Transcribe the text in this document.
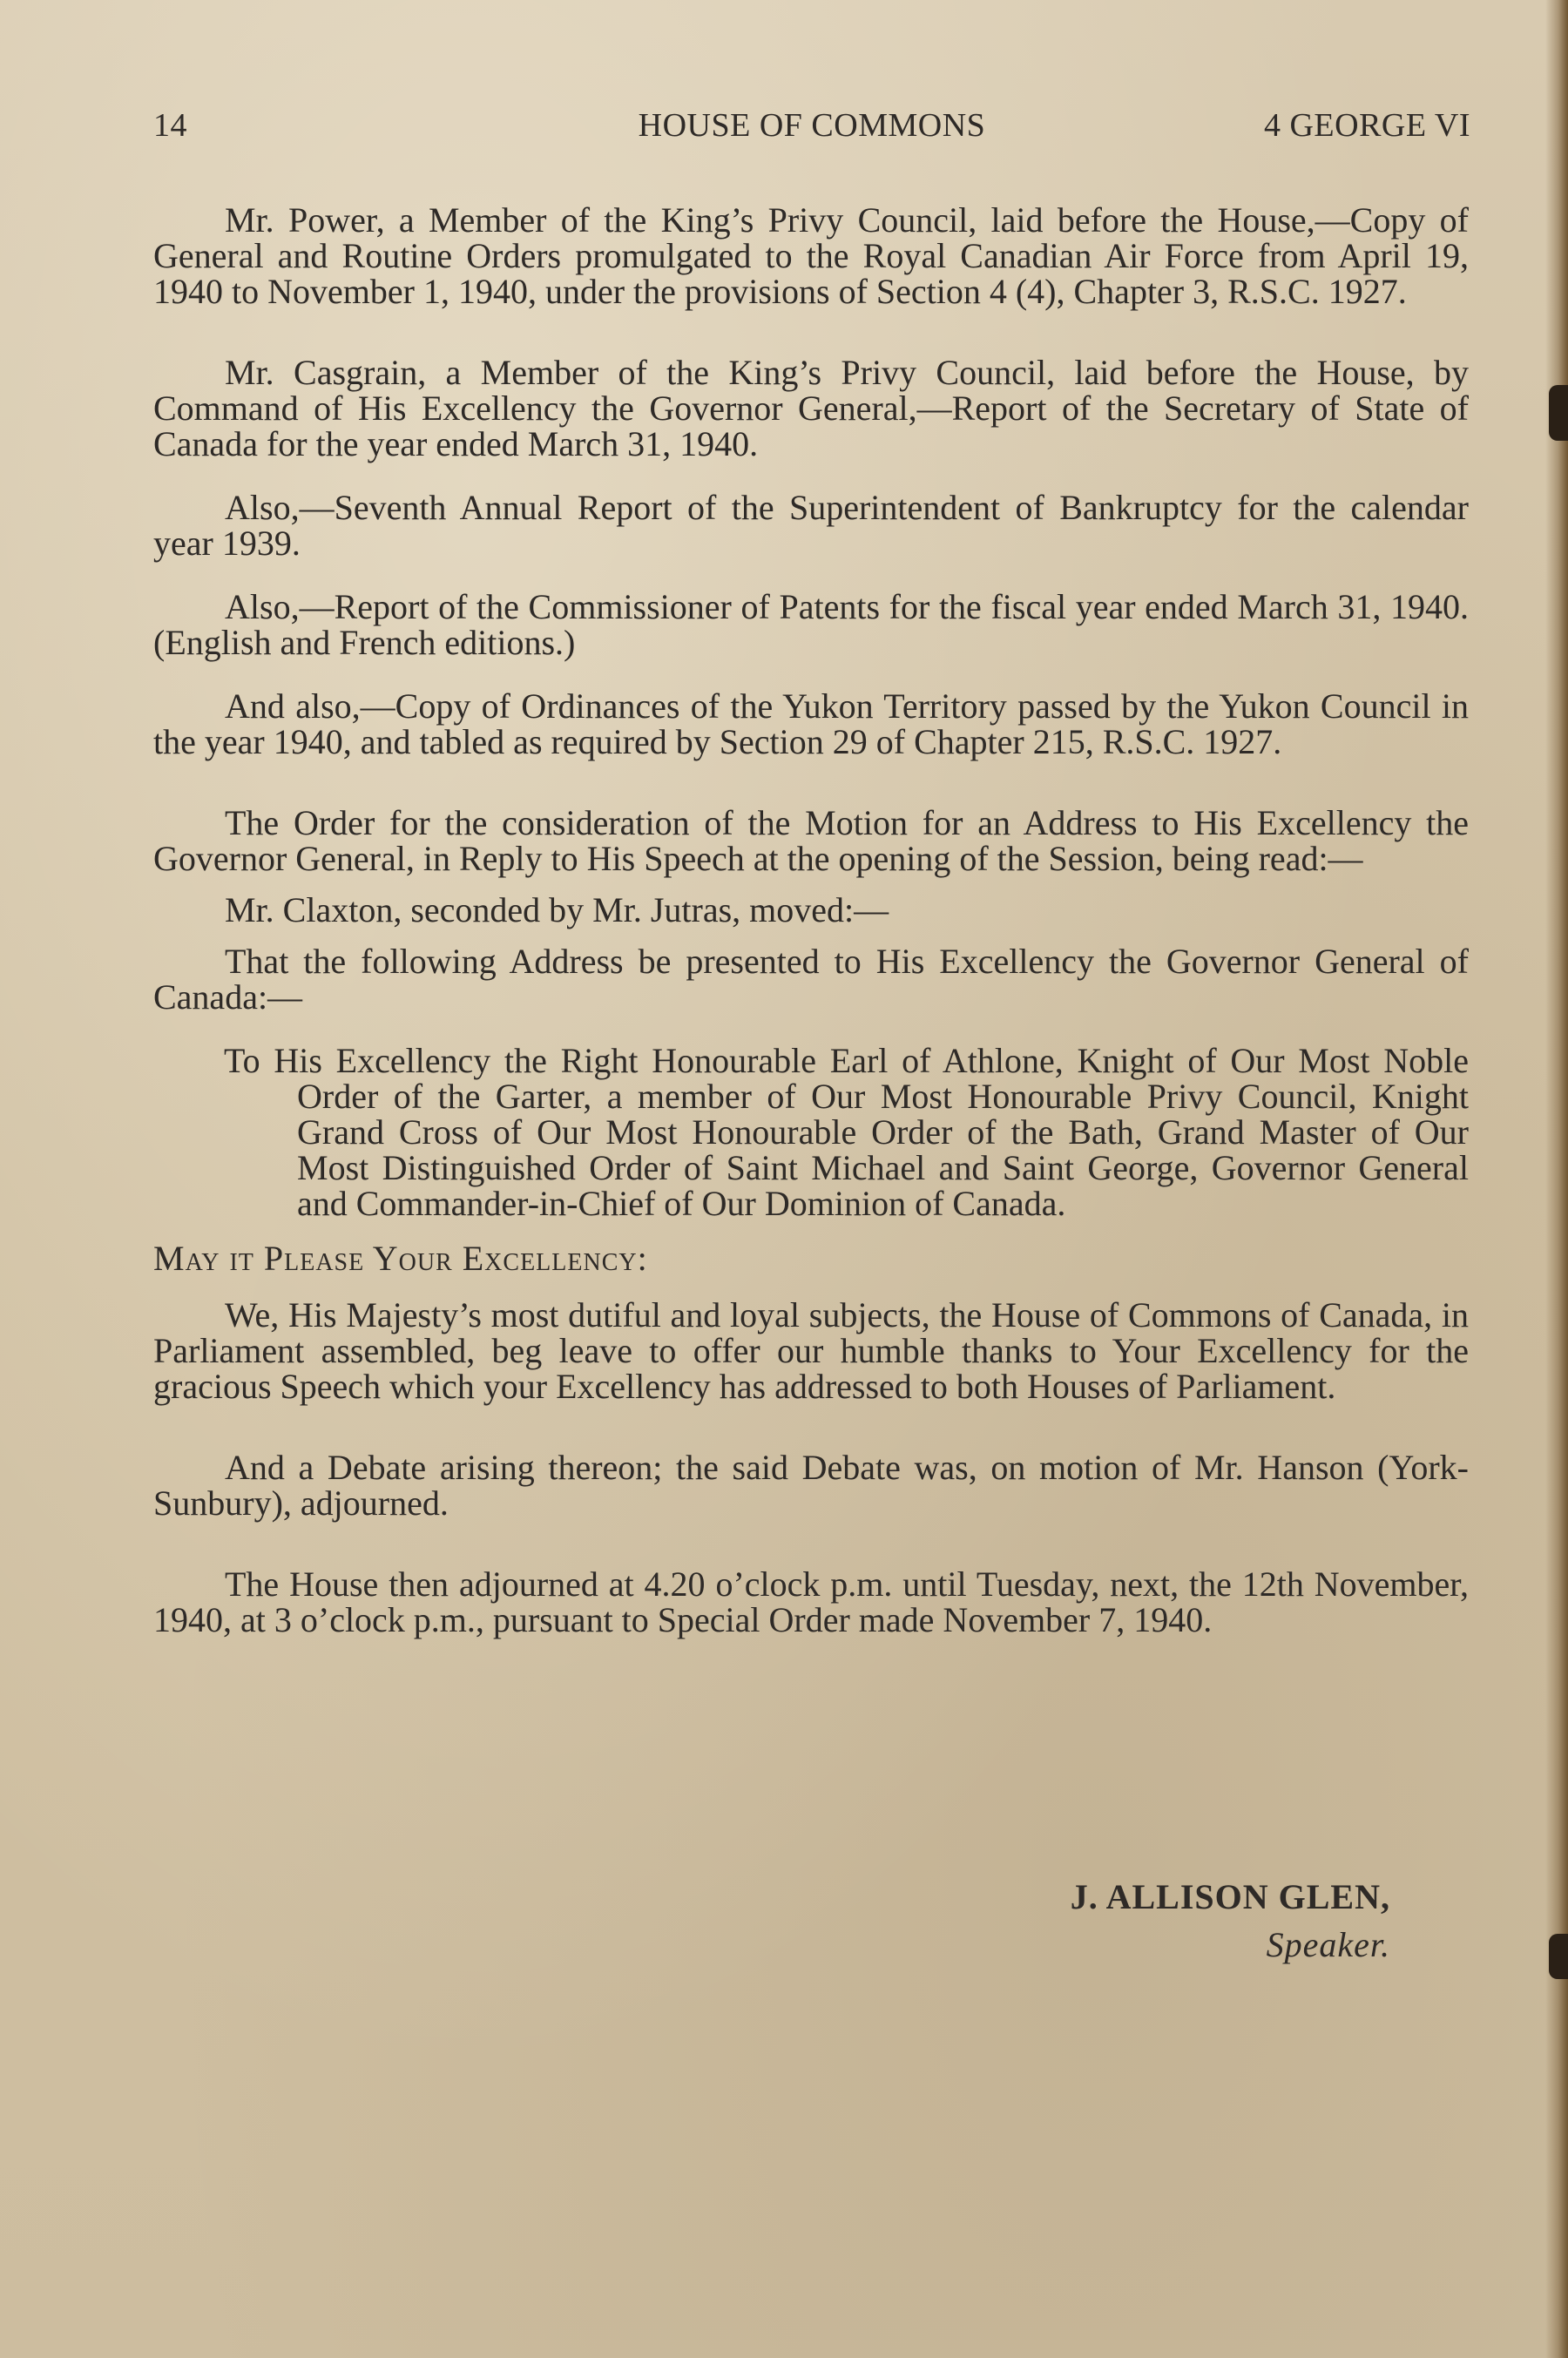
HOUSE OF COMMONS
14	4 GEORGE VI

Mr. Power, a Member of the King’s Privy Council, laid before the House,—Copy of General and Routine Orders promulgated to the Royal Canadian Air Force from April 19, 1940 to November 1, 1940, under the provisions of Section 4 (4), Chapter 3, R.S.C. 1927.

Mr. Casgrain, a Member of the King’s Privy Council, laid before the House, by Command of His Excellency the Governor General,—Report of the Secretary of State of Canada for the year ended March 31, 1940.

Also,—Seventh Annual Report of the Superintendent of Bankruptcy for the calendar year 1939.

Also,—Report of the Commissioner of Patents for the fiscal year ended March 31, 1940. (English and French editions.)

And also,—Copy of Ordinances of the Yukon Territory passed by the Yukon Council in the year 1940, and tabled as required by Section 29 of Chapter 215, R.S.C. 1927.

The Order for the consideration of the Motion for an Address to His Excellency the Governor General, in Reply to His Speech at the opening of the Session, being read:—

Mr. Claxton, seconded by Mr. Jutras, moved:—

That the following Address be presented to His Excellency the Governor General of Canada:—

To His Excellency the Right Honourable Earl of Athlone, Knight of Our Most Noble Order of the Garter, a member of Our Most Honourable Privy Council, Knight Grand Cross of Our Most Honourable Order of the Bath, Grand Master of Our Most Distinguished Order of Saint Michael and Saint George, Governor General and Commander-in-Chief of Our Dominion of Canada.

May it Please Your Excellency:

We, His Majesty’s most dutiful and loyal subjects, the House of Commons of Canada, in Parliament assembled, beg leave to offer our humble thanks to Your Excellency for the gracious Speech which your Excellency has addressed to both Houses of Parliament.

And a Debate arising thereon; the said Debate was, on motion of Mr. Hanson (York-Sunbury), adjourned.

The House then adjourned at 4.20 o’clock p.m. until Tuesday, next, the 12th November, 1940, at 3 o’clock p.m., pursuant to Special Order made November 7, 1940.

J. ALLISON GLEN,
Speaker.
